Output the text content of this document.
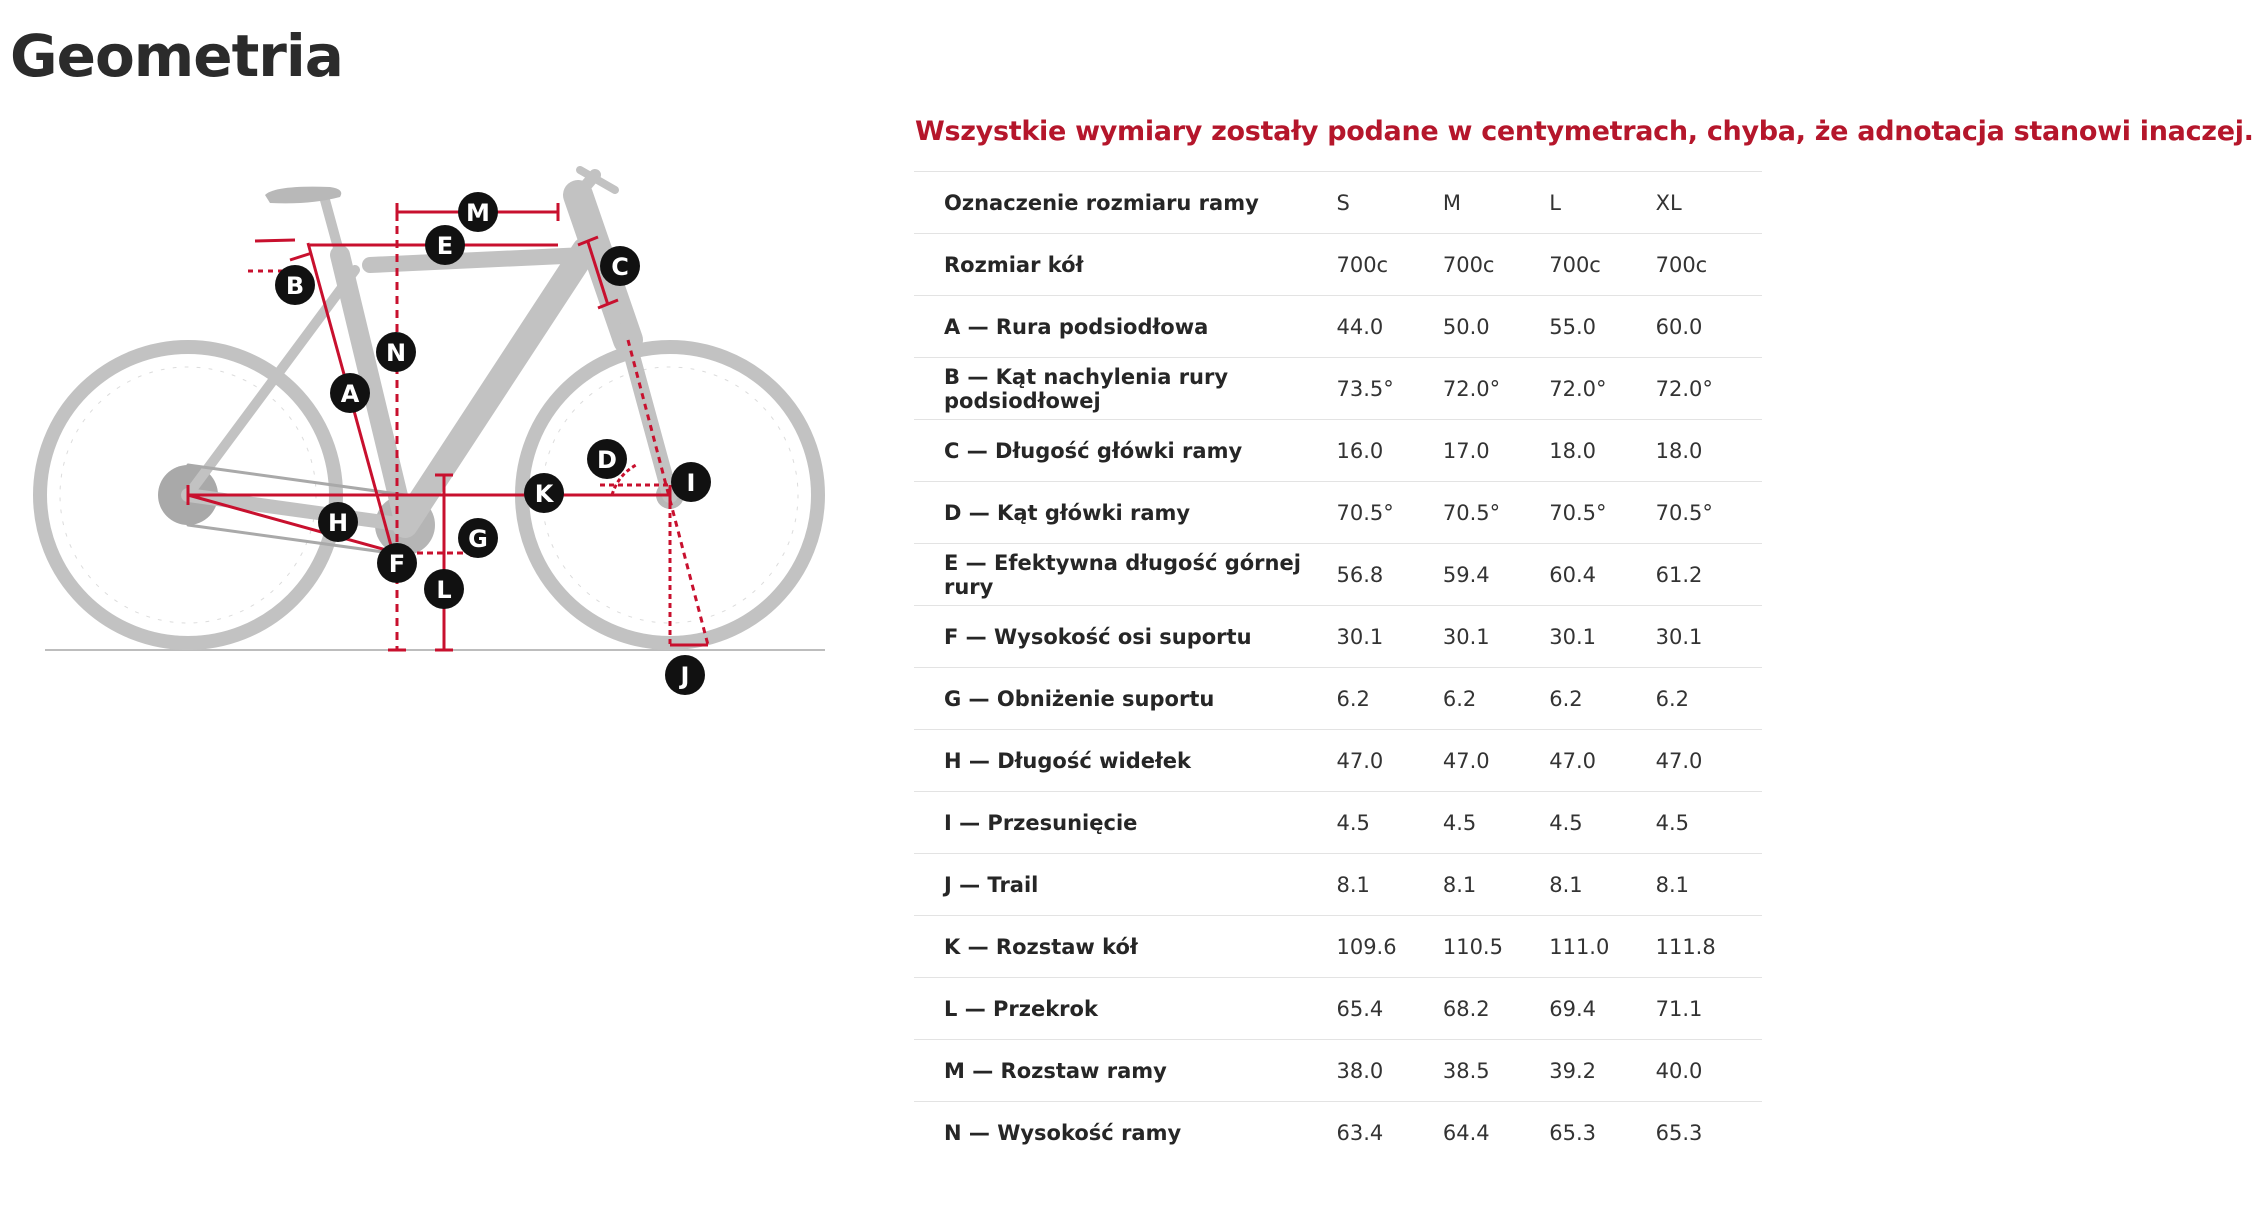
Geometria
M
E
C
B
N
A
D
I
K
H
G
F
L
J
Wszystkie wymiary zostały podane w centymetrach, chyba, że adnotacja stanowi inaczej.
Oznaczenie rozmiaru ramy	S	M	L	XL
Rozmiar kół	700c	700c	700c	700c
A — Rura podsiodłowa	44.0	50.0	55.0	60.0
B — Kąt nachylenia rury podsiodłowej	73.5°	72.0°	72.0°	72.0°
C — Długość główki ramy	16.0	17.0	18.0	18.0
D — Kąt główki ramy	70.5°	70.5°	70.5°	70.5°
E — Efektywna długość górnej rury	56.8	59.4	60.4	61.2
F — Wysokość osi suportu	30.1	30.1	30.1	30.1
G — Obniżenie suportu	6.2	6.2	6.2	6.2
H — Długość widełek	47.0	47.0	47.0	47.0
I — Przesunięcie	4.5	4.5	4.5	4.5
J — Trail	8.1	8.1	8.1	8.1
K — Rozstaw kół	109.6	110.5	111.0	111.8
L — Przekrok	65.4	68.2	69.4	71.1
M — Rozstaw ramy	38.0	38.5	39.2	40.0
N — Wysokość ramy	63.4	64.4	65.3	65.3
